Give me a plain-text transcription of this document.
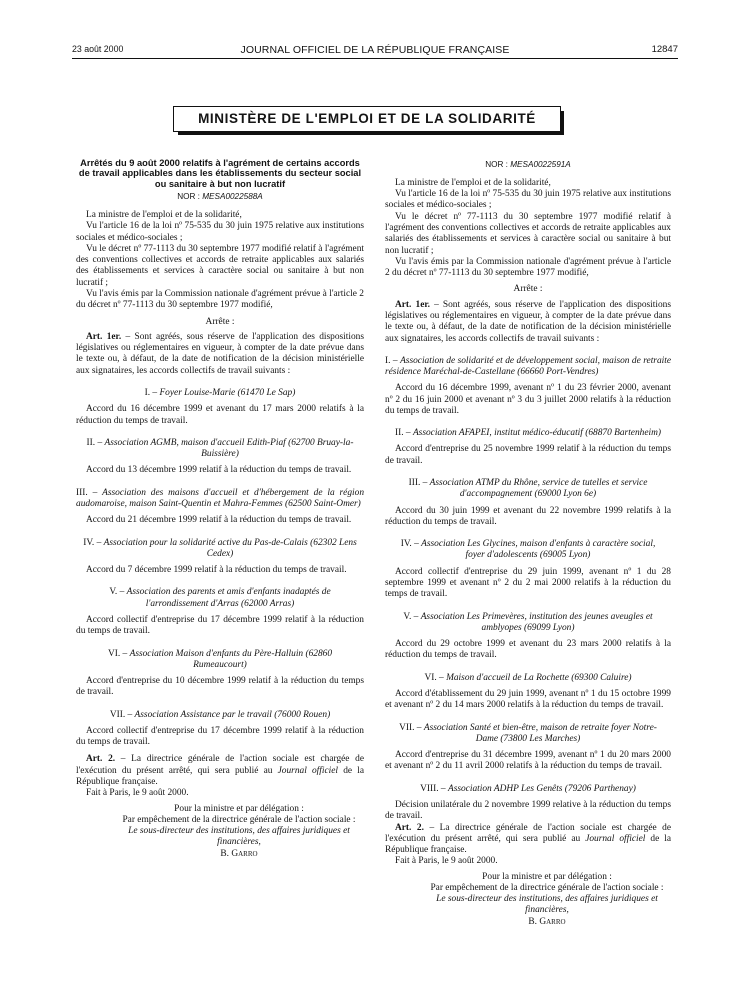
23 août 2000	JOURNAL OFFICIEL DE LA RÉPUBLIQUE FRANÇAISE	12847
MINISTÈRE DE L'EMPLOI ET DE LA SOLIDARITÉ
Arrêtés du 9 août 2000 relatifs à l'agrément de certains accords de travail applicables dans les établissements du secteur social ou sanitaire à but non lucratif
NOR : MESA0022588A

La ministre de l'emploi et de la solidarité,

Vu l'article 16 de la loi nº 75-535 du 30 juin 1975 relative aux institutions sociales et médico-sociales ;

Vu le décret nº 77-1113 du 30 septembre 1977 modifié relatif à l'agrément des conventions collectives et accords de retraite applicables aux salariés des établissements et services à caractère social ou sanitaire à but non lucratif ;

Vu l'avis émis par la Commission nationale d'agrément prévue à l'article 2 du décret nº 77-1113 du 30 septembre 1977 modifié,

Arrête :

Art. 1er. – Sont agréés, sous réserve de l'application des dispositions législatives ou réglementaires en vigueur, à compter de la date prévue dans le texte ou, à défaut, de la date de notification de la décision ministérielle aux signataires, les accords collectifs de travail suivants :

I. – Foyer Louise-Marie (61470 Le Sap)

Accord du 16 décembre 1999 et avenant du 17 mars 2000 relatifs à la réduction du temps de travail.

II. – Association AGMB, maison d'accueil Edith-Piaf (62700 Bruay-la-Buissière)

Accord du 13 décembre 1999 relatif à la réduction du temps de travail.

III. – Association des maisons d'accueil et d'hébergement de la région audomaroise, maison Saint-Quentin et Mahra-Femmes (62500 Saint-Omer)

Accord du 21 décembre 1999 relatif à la réduction du temps de travail.

IV. – Association pour la solidarité active du Pas-de-Calais (62302 Lens Cedex)

Accord du 7 décembre 1999 relatif à la réduction du temps de travail.

V. – Association des parents et amis d'enfants inadaptés de l'arrondissement d'Arras (62000 Arras)

Accord collectif d'entreprise du 17 décembre 1999 relatif à la réduction du temps de travail.

VI. – Association Maison d'enfants du Père-Halluin (62860 Rumeaucourt)

Accord d'entreprise du 10 décembre 1999 relatif à la réduction du temps de travail.

VII. – Association Assistance par le travail (76000 Rouen)

Accord collectif d'entreprise du 17 décembre 1999 relatif à la réduction du temps de travail.

Art. 2. – La directrice générale de l'action sociale est chargée de l'exécution du présent arrêté, qui sera publié au Journal officiel de la République française.

Fait à Paris, le 9 août 2000.

Pour la ministre et par délégation :
Par empêchement de la directrice générale de l'action sociale :
Le sous-directeur des institutions, des affaires juridiques et financières,
B. Garro
NOR : MESA0022591A

La ministre de l'emploi et de la solidarité,

Vu l'article 16 de la loi nº 75-535 du 30 juin 1975 relative aux institutions sociales et médico-sociales ;

Vu le décret nº 77-1113 du 30 septembre 1977 modifié relatif à l'agrément des conventions collectives et accords de retraite applicables aux salariés des établissements et services à caractère social ou sanitaire à but non lucratif ;

Vu l'avis émis par la Commission nationale d'agrément prévue à l'article 2 du décret nº 77-1113 du 30 septembre 1977 modifié,

Arrête :

Art. 1er. – Sont agréés, sous réserve de l'application des dispositions législatives ou réglementaires en vigueur, à compter de la date prévue dans le texte ou, à défaut, de la date de notification de la décision ministérielle aux signataires, les accords collectifs de travail suivants :

I. – Association de solidarité et de développement social, maison de retraite résidence Maréchal-de-Castellane (66660 Port-Vendres)

Accord du 16 décembre 1999, avenant nº 1 du 23 février 2000, avenant nº 2 du 16 juin 2000 et avenant nº 3 du 3 juillet 2000 relatifs à la réduction du temps de travail.

II. – Association AFAPEI, institut médico-éducatif (68870 Bartenheim)

Accord d'entreprise du 25 novembre 1999 relatif à la réduction du temps de travail.

III. – Association ATMP du Rhône, service de tutelles et service d'accompagnement (69000 Lyon 6e)

Accord du 30 juin 1999 et avenant du 22 novembre 1999 relatifs à la réduction du temps de travail.

IV. – Association Les Glycines, maison d'enfants à caractère social, foyer d'adolescents (69005 Lyon)

Accord collectif d'entreprise du 29 juin 1999, avenant nº 1 du 28 septembre 1999 et avenant nº 2 du 2 mai 2000 relatifs à la réduction du temps de travail.

V. – Association Les Primevères, institution des jeunes aveugles et amblyopes (69099 Lyon)

Accord du 29 octobre 1999 et avenant du 23 mars 2000 relatifs à la réduction du temps de travail.

VI. – Maison d'accueil de La Rochette (69300 Caluire)

Accord d'établissement du 29 juin 1999, avenant nº 1 du 15 octobre 1999 et avenant nº 2 du 14 mars 2000 relatifs à la réduction du temps de travail.

VII. – Association Santé et bien-être, maison de retraite foyer Notre-Dame (73800 Les Marches)

Accord d'entreprise du 31 décembre 1999, avenant nº 1 du 20 mars 2000 et avenant nº 2 du 11 avril 2000 relatifs à la réduction du temps de travail.

VIII. – Association ADHP Les Genêts (79206 Parthenay)

Décision unilatérale du 2 novembre 1999 relative à la réduction du temps de travail.

Art. 2. – La directrice générale de l'action sociale est chargée de l'exécution du présent arrêté, qui sera publié au Journal officiel de la République française.

Fait à Paris, le 9 août 2000.

Pour la ministre et par délégation :
Par empêchement de la directrice générale de l'action sociale :
Le sous-directeur des institutions, des affaires juridiques et financières,
B. Garro
